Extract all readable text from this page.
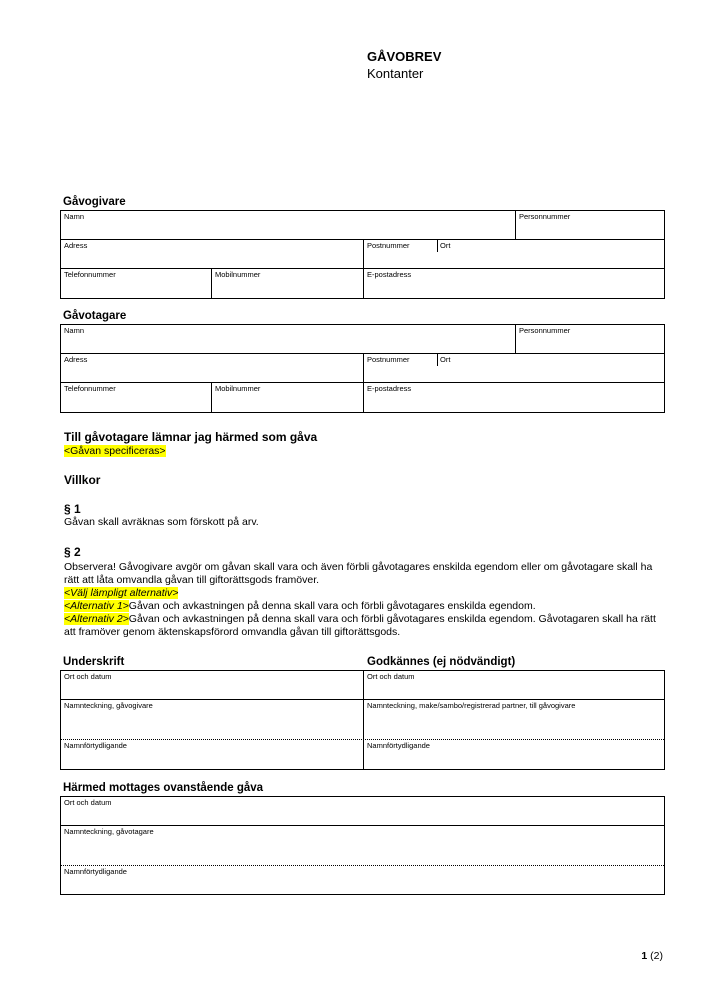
GÅVOBREV
Kontanter
Gåvogivare
Namn	Personnummer
Adress	Postnummer	Ort
Telefonnummer	Mobilnummer	E-postadress
Gåvotagare
Namn	Personnummer
Adress	Postnummer	Ort
Telefonnummer	Mobilnummer	E-postadress
Till gåvotagare lämnar jag härmed som gåva
<Gåvan specificeras>
Villkor
§ 1
Gåvan skall avräknas som förskott på arv.
§ 2
Observera! Gåvogivare avgör om gåvan skall vara och även förbli gåvotagares enskilda egendom eller om gåvotagare skall ha rätt att låta omvandla gåvan till giftorättsgods framöver.
<Välj lämpligt alternativ>
<Alternativ 1>Gåvan och avkastningen på denna skall vara och förbli gåvotagares enskilda egendom.
<Alternativ 2>Gåvan och avkastningen på denna skall vara och förbli gåvotagares enskilda egendom. Gåvotagaren skall ha rätt att framöver genom äktenskapsförord omvandla gåvan till giftorättsgods.
Underskrift	Godkännes (ej nödvändigt)
Ort och datum	Ort och datum
Namnteckning, gåvogivare	Namnteckning, make/sambo/registrerad partner, till gåvogivare
Namnförtydligande	Namnförtydligande
Härmed mottages ovanstående gåva
Ort och datum
Namnteckning, gåvotagare
Namnförtydligande
1 (2)
